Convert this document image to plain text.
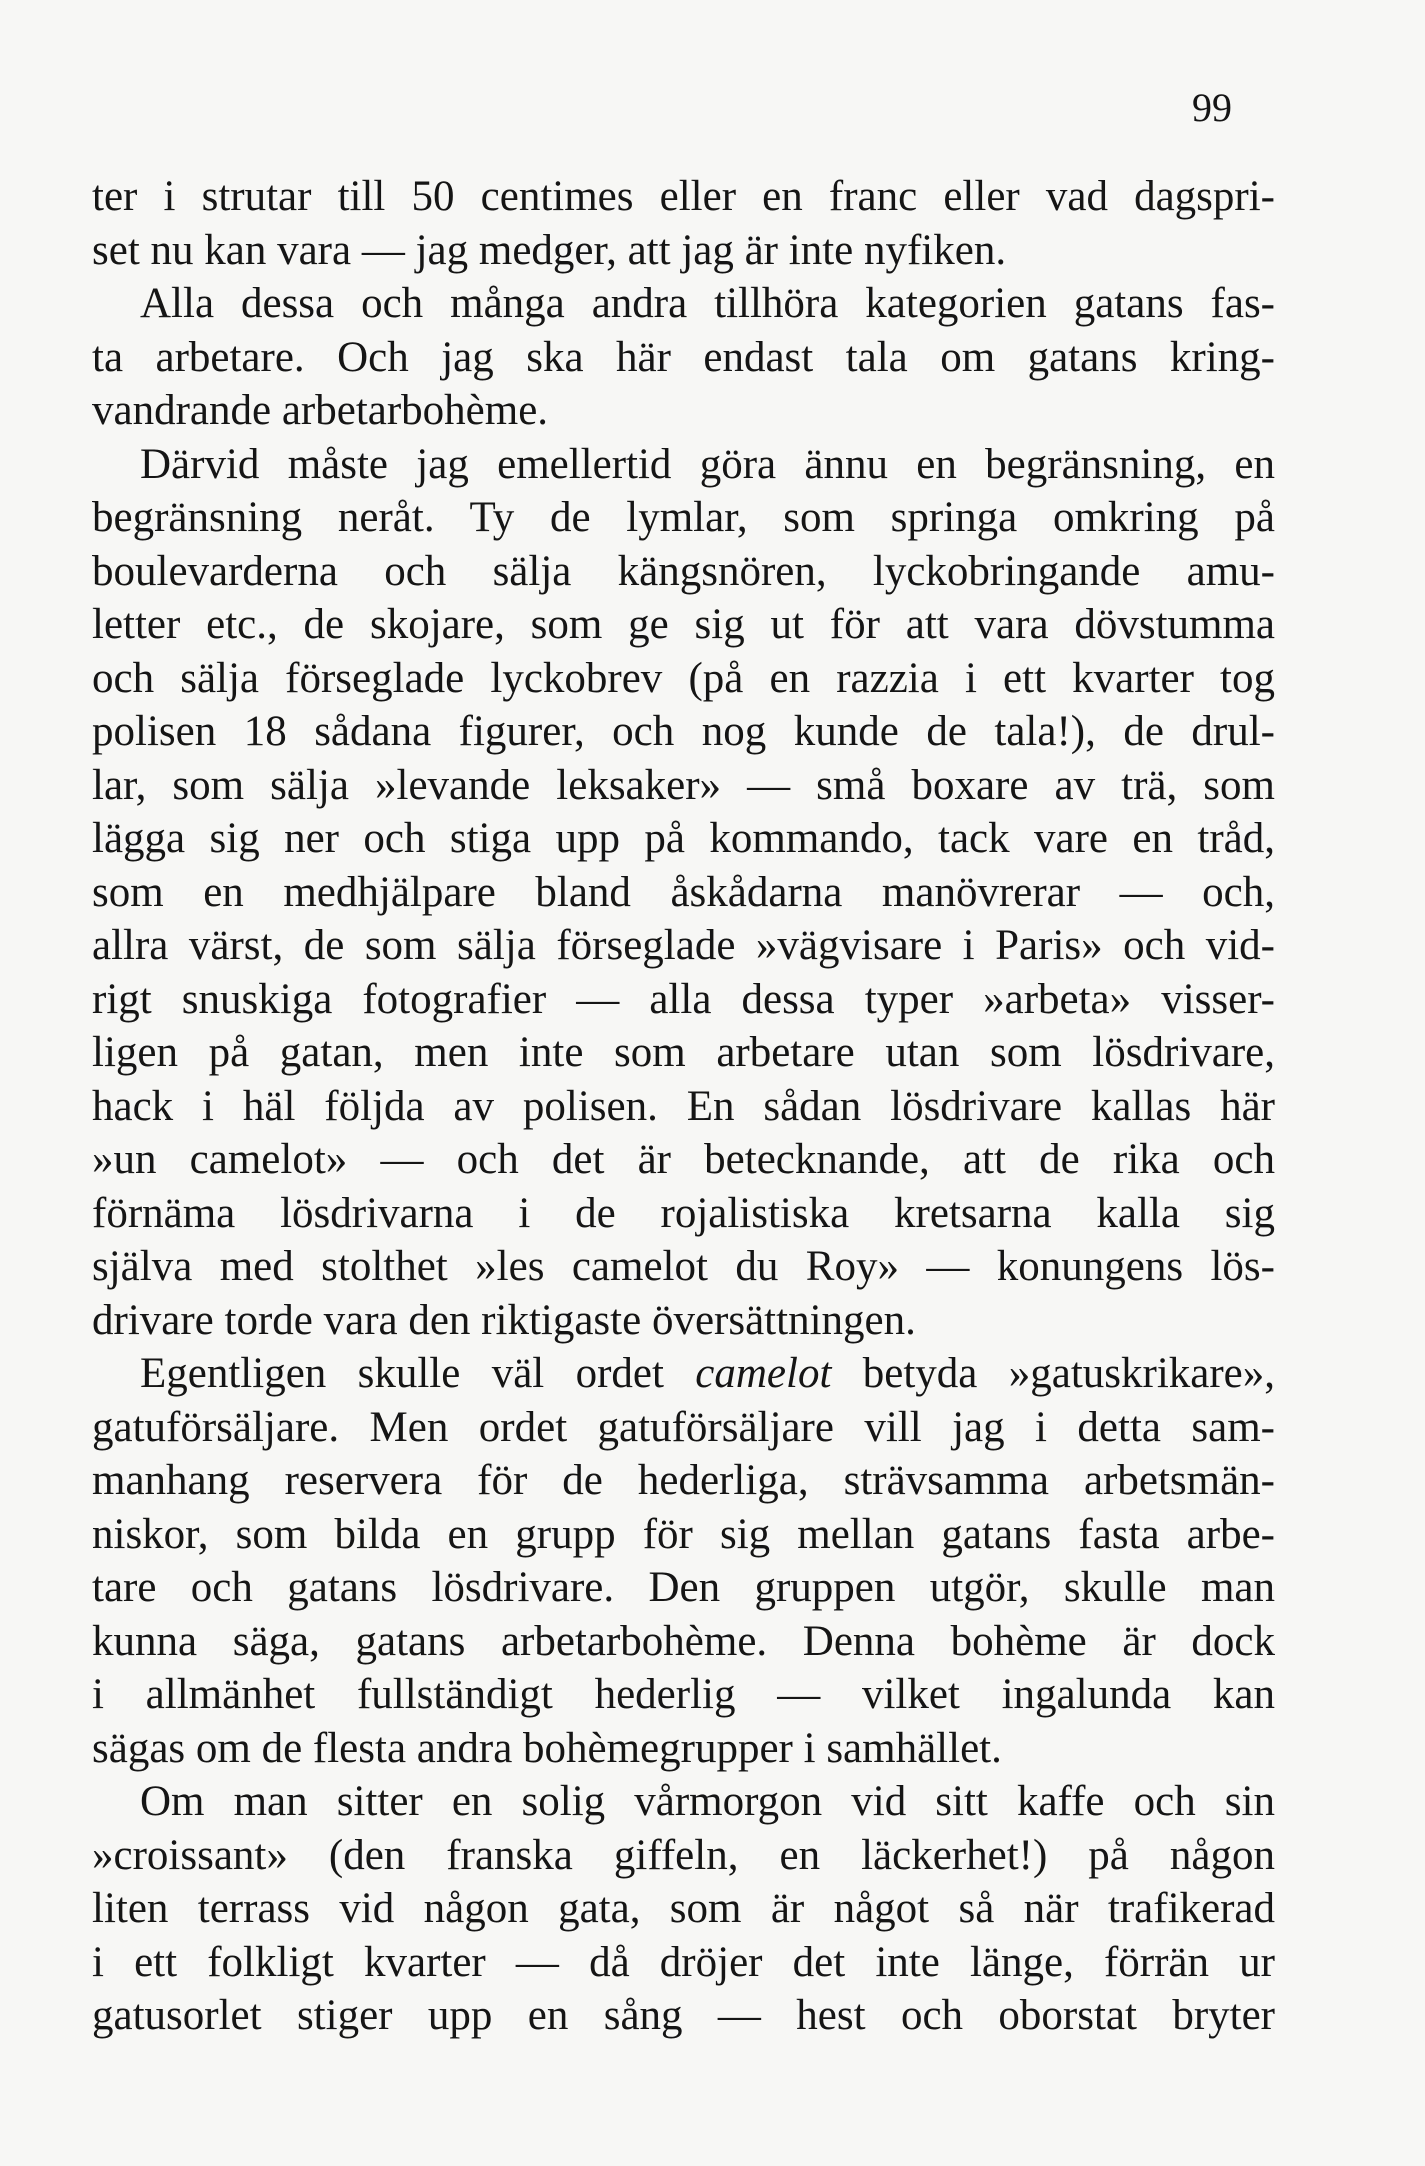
99

ter i strutar till 50 centimes eller en franc eller vad dagspri-
set nu kan vara — jag medger, att jag är inte nyfiken.

Alla dessa och många andra tillhöra kategorien gatans fas-
ta arbetare. Och jag ska här endast tala om gatans kring-
vandrande arbetarbohème.

Därvid måste jag emellertid göra ännu en begränsning, en
begränsning neråt. Ty de lymlar, som springa omkring på
boulevarderna och sälja kängsnören, lyckobringande amu-
letter etc., de skojare, som ge sig ut för att vara dövstumma
och sälja förseglade lyckobrev (på en razzia i ett kvarter tog
polisen 18 sådana figurer, och nog kunde de tala!), de drul-
lar, som sälja »levande leksaker» — små boxare av trä, som
lägga sig ner och stiga upp på kommando, tack vare en tråd,
som en medhjälpare bland åskådarna manövrerar — och,
allra värst, de som sälja förseglade »vägvisare i Paris» och vid-
rigt snuskiga fotografier — alla dessa typer »arbeta» visser-
ligen på gatan, men inte som arbetare utan som lösdrivare,
hack i häl följda av polisen. En sådan lösdrivare kallas här
»un camelot» — och det är betecknande, att de rika och
förnäma lösdrivarna i de rojalistiska kretsarna kalla sig
själva med stolthet »les camelot du Roy» — konungens lös-
drivare torde vara den riktigaste översättningen.

Egentligen skulle väl ordet camelot betyda »gatuskrikare»,
gatuförsäljare. Men ordet gatuförsäljare vill jag i detta sam-
manhang reservera för de hederliga, strävsamma arbetsmän-
niskor, som bilda en grupp för sig mellan gatans fasta arbe-
tare och gatans lösdrivare. Den gruppen utgör, skulle man
kunna säga, gatans arbetarbohème. Denna bohème är dock
i allmänhet fullständigt hederlig — vilket ingalunda kan
sägas om de flesta andra bohèmegrupper i samhället.

Om man sitter en solig vårmorgon vid sitt kaffe och sin
»croissant» (den franska giffeln, en läckerhet!) på någon
liten terrass vid någon gata, som är något så när trafikerad
i ett folkligt kvarter — då dröjer det inte länge, förrän ur
gatusorlet stiger upp en sång — hest och oborstat bryter
